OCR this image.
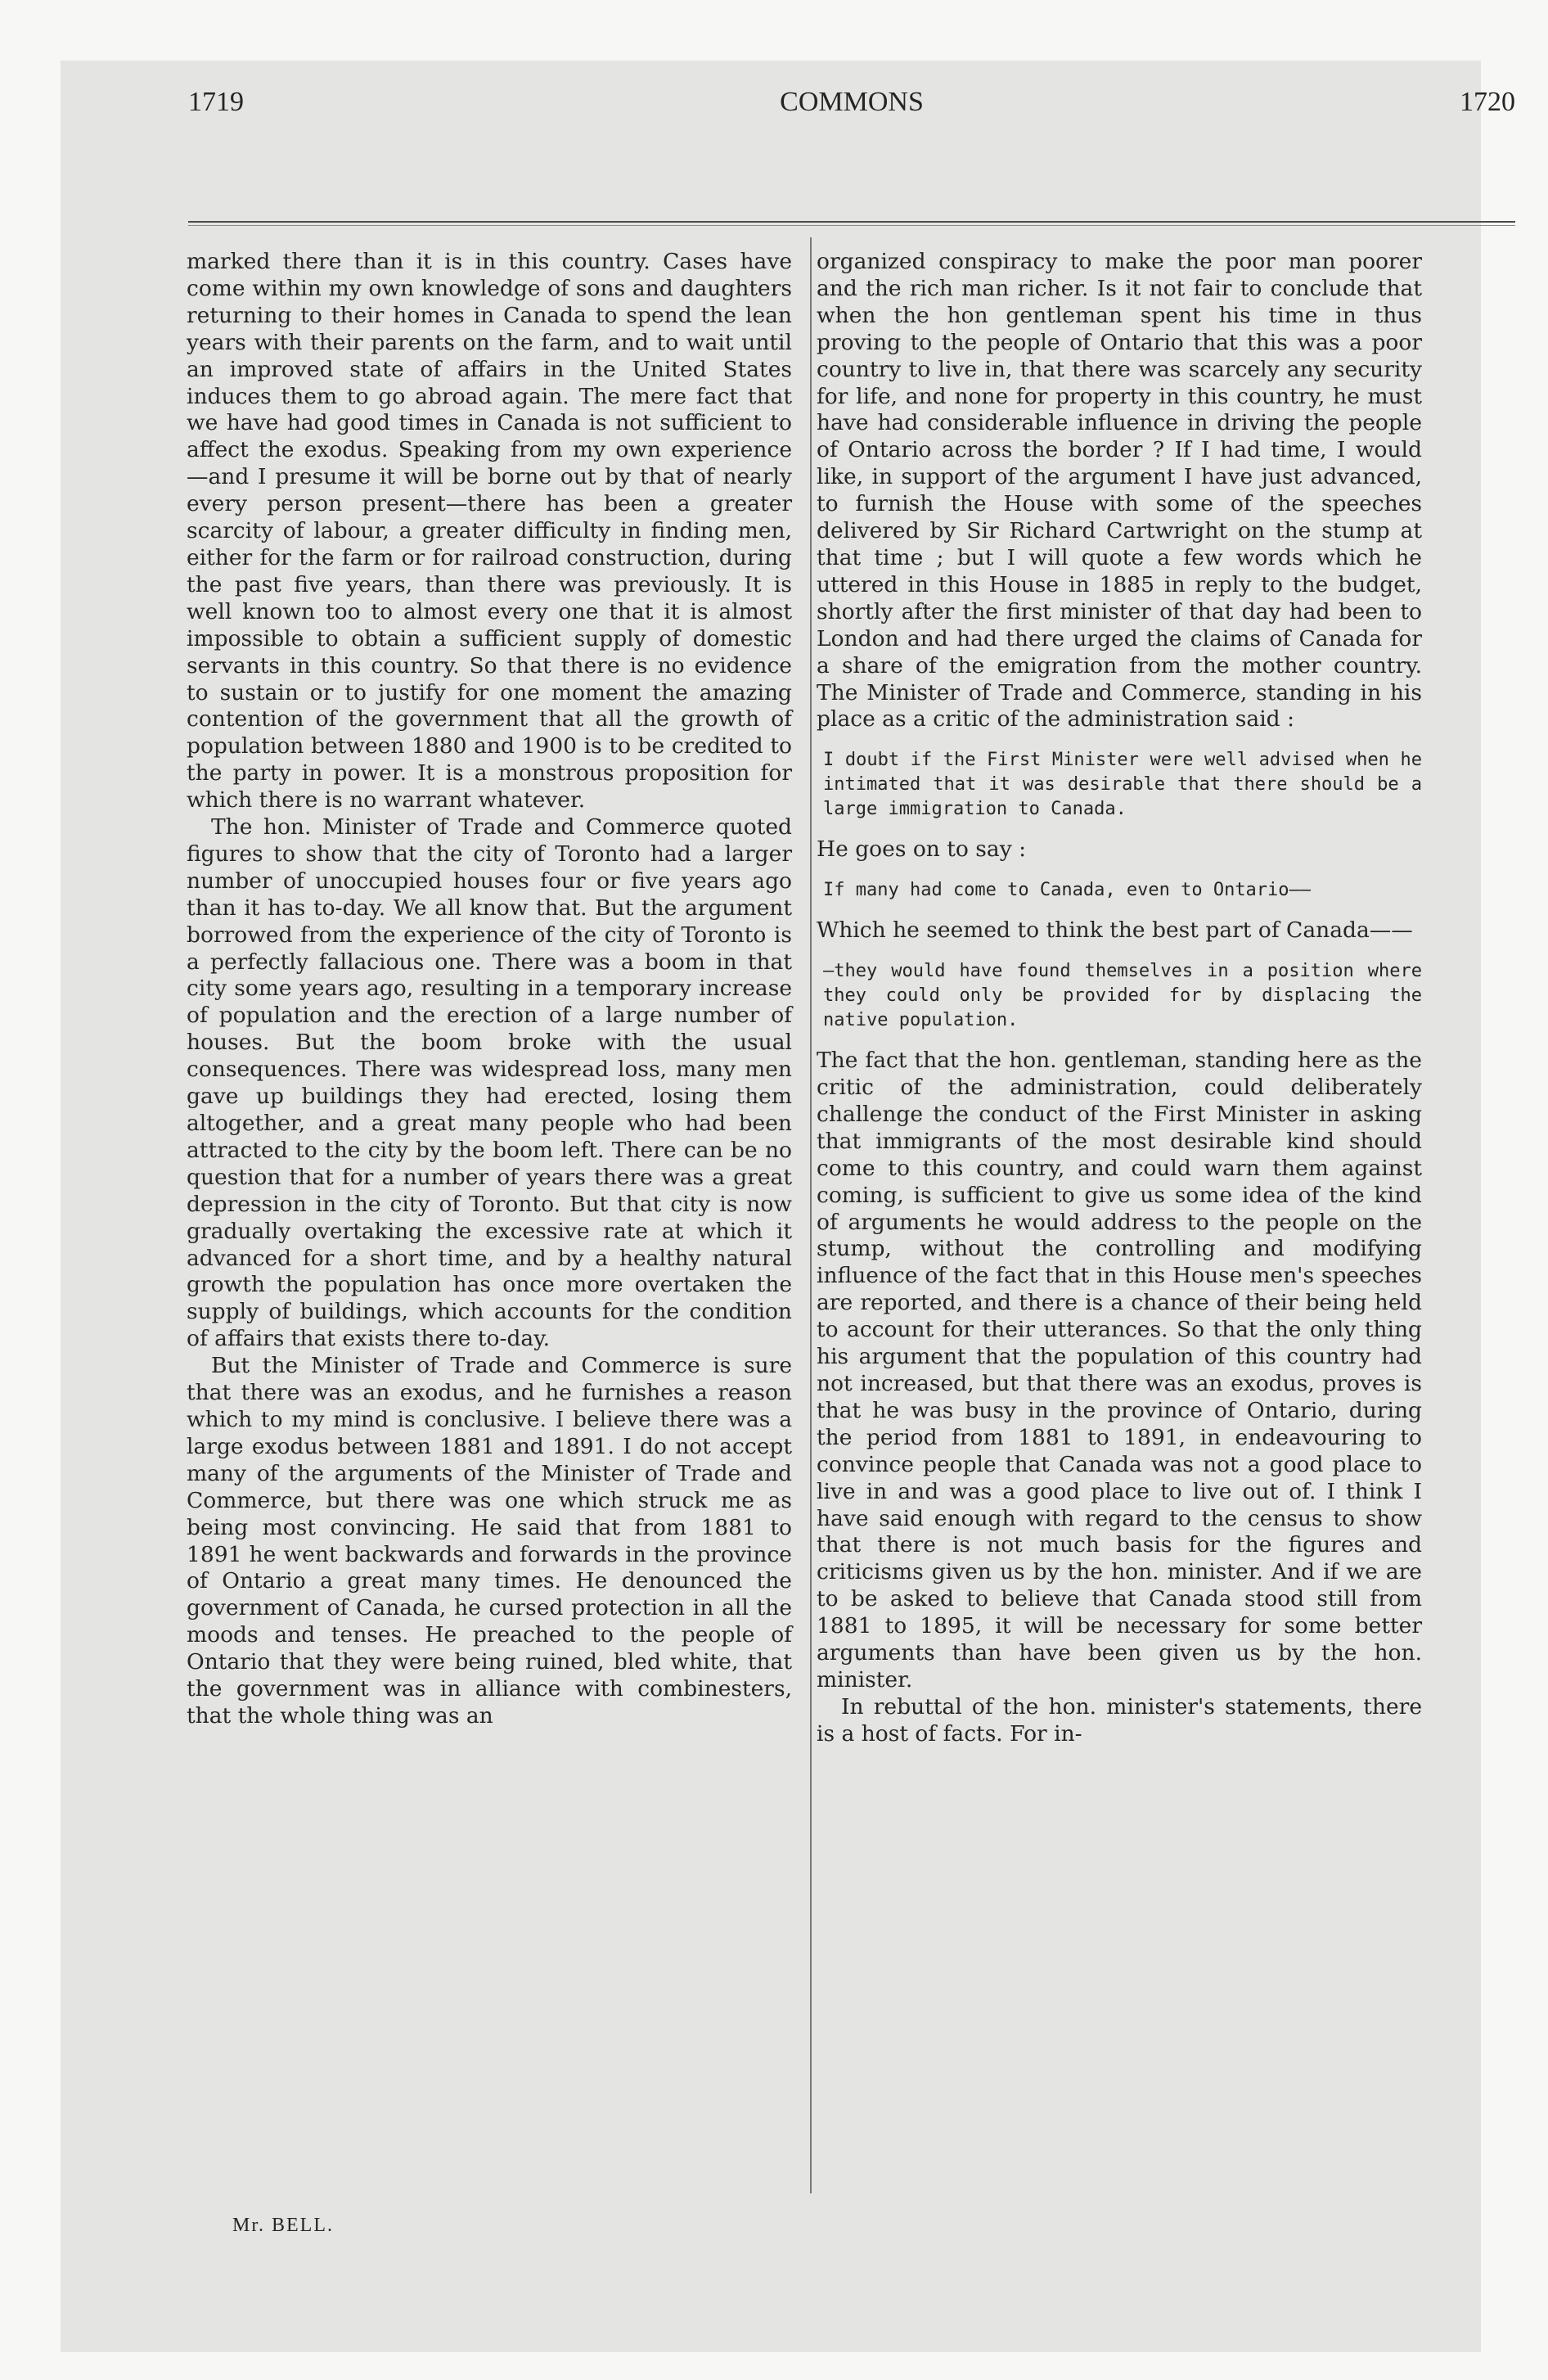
1719	COMMONS	1720

marked there than it is in this country. Cases have come within my own knowledge of sons and daughters returning to their homes in Canada to spend the lean years with their parents on the farm, and to wait until an improved state of affairs in the United States induces them to go abroad again. The mere fact that we have had good times in Canada is not sufficient to affect the exodus. Speaking from my own experience —and I presume it will be borne out by that of nearly every person present—there has been a greater scarcity of labour, a greater difficulty in finding men, either for the farm or for railroad construction, during the past five years, than there was previously. It is well known too to almost every one that it is almost impossible to obtain a sufficient supply of domestic servants in this country. So that there is no evidence to sustain or to justify for one moment the amazing contention of the government that all the growth of population between 1880 and 1900 is to be credited to the party in power. It is a monstrous proposition for which there is no warrant whatever.

The hon. Minister of Trade and Commerce quoted figures to show that the city of Toronto had a larger number of unoccupied houses four or five years ago than it has to-day. We all know that. But the argument borrowed from the experience of the city of Toronto is a perfectly fallacious one. There was a boom in that city some years ago, resulting in a temporary increase of population and the erection of a large number of houses. But the boom broke with the usual consequences. There was widespread loss, many men gave up buildings they had erected, losing them altogether, and a great many people who had been attracted to the city by the boom left. There can be no question that for a number of years there was a great depression in the city of Toronto. But that city is now gradually overtaking the excessive rate at which it advanced for a short time, and by a healthy natural growth the population has once more overtaken the supply of buildings, which accounts for the condition of affairs that exists there to-day.

But the Minister of Trade and Commerce is sure that there was an exodus, and he furnishes a reason which to my mind is conclusive. I believe there was a large exodus between 1881 and 1891. I do not accept many of the arguments of the Minister of Trade and Commerce, but there was one which struck me as being most convincing. He said that from 1881 to 1891 he went backwards and forwards in the province of Ontario a great many times. He denounced the government of Canada, he cursed protection in all the moods and tenses. He preached to the people of Ontario that they were being ruined, bled white, that the government was in alliance with combinesters, that the whole thing was an

organized conspiracy to make the poor man poorer and the rich man richer. Is it not fair to conclude that when the hon gentleman spent his time in thus proving to the people of Ontario that this was a poor country to live in, that there was scarcely any security for life, and none for property in this country, he must have had considerable influence in driving the people of Ontario across the border ? If I had time, I would like, in support of the argument I have just advanced, to furnish the House with some of the speeches delivered by Sir Richard Cartwright on the stump at that time ; but I will quote a few words which he uttered in this House in 1885 in reply to the budget, shortly after the first minister of that day had been to London and had there urged the claims of Canada for a share of the emigration from the mother country. The Minister of Trade and Commerce, standing in his place as a critic of the administration said :

I doubt if the First Minister were well advised when he intimated that it was desirable that there should be a large immigration to Canada.

He goes on to say :

If many had come to Canada, even to Ontario——

Which he seemed to think the best part of Canada——

—they would have found themselves in a position where they could only be provided for by displacing the native population.

The fact that the hon. gentleman, standing here as the critic of the administration, could deliberately challenge the conduct of the First Minister in asking that immigrants of the most desirable kind should come to this country, and could warn them against coming, is sufficient to give us some idea of the kind of arguments he would address to the people on the stump, without the controlling and modifying influence of the fact that in this House men's speeches are reported, and there is a chance of their being held to account for their utterances. So that the only thing his argument that the population of this country had not increased, but that there was an exodus, proves is that he was busy in the province of Ontario, during the period from 1881 to 1891, in endeavouring to convince people that Canada was not a good place to live in and was a good place to live out of. I think I have said enough with regard to the census to show that there is not much basis for the figures and criticisms given us by the hon. minister. And if we are to be asked to believe that Canada stood still from 1881 to 1895, it will be necessary for some better arguments than have been given us by the hon. minister.

In rebuttal of the hon. minister's statements, there is a host of facts. For in-

Mr. BELL.
